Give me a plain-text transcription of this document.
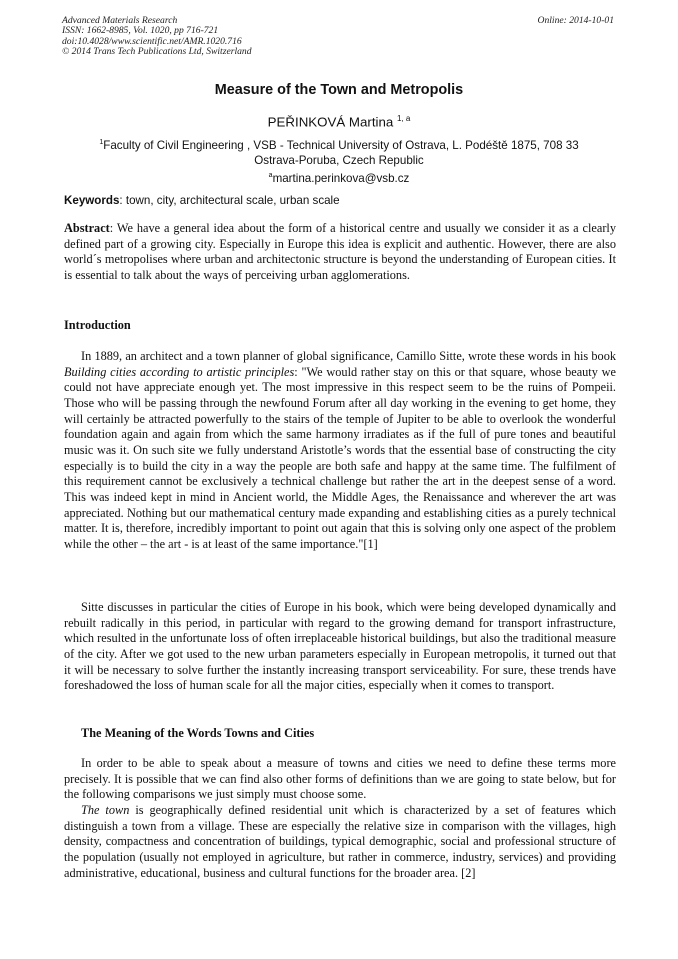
Advanced Materials Research
ISSN: 1662-8985, Vol. 1020, pp 716-721
doi:10.4028/www.scientific.net/AMR.1020.716
© 2014 Trans Tech Publications Ltd, Switzerland
Online: 2014-10-01
Measure of the Town and Metropolis
PEŘINKOVÁ Martina $^{1, a}$
$^1$Faculty of Civil Engineering , VSB - Technical University of Ostrava, L. Podéště 1875, 708 33
Ostrava-Poruba, Czech Republic
$^a$martina.perinkova@vsb.cz
Keywords: town, city, architectural scale, urban scale

Abstract: We have a general idea about the form of a historical centre and usually we consider it as a clearly defined part of a growing city. Especially in Europe this idea is explicit and authentic. However, there are also world´s metropolises where urban and architectonic structure is beyond the understanding of European cities. It is essential to talk about the ways of perceiving urban agglomerations.

Introduction

In 1889, an architect and a town planner of global significance, Camillo Sitte, wrote these words in his book Building cities according to artistic principles: "We would rather stay on this or that square, whose beauty we could not have appreciate enough yet. The most impressive in this respect seem to be the ruins of Pompeii. Those who will be passing through the newfound Forum after all day working in the evening to get home, they will certainly be attracted powerfully to the stairs of the temple of Jupiter to be able to overlook the wonderful foundation again and again from which the same harmony irradiates as if the full of pure tones and beautiful music was it. On such site we fully understand Aristotle’s words that the essential base of constructing the city especially is to build the city in a way the people are both safe and happy at the same time. The fulfilment of this requirement cannot be exclusively a technical challenge but rather the art in the deepest sense of a word. This was indeed kept in mind in Ancient world, the Middle Ages, the Renaissance and wherever the art was appreciated. Nothing but our mathematical century made expanding and establishing cities as a purely technical matter. It is, therefore, incredibly important to point out again that this is solving only one aspect of the problem while the other – the art - is at least of the same importance."[1]

Sitte discusses in particular the cities of Europe in his book, which were being developed dynamically and rebuilt radically in this period, in particular with regard to the growing demand for transport infrastructure, which resulted in the unfortunate loss of often irreplaceable historical buildings, but also the traditional measure of the city. After we got used to the new urban parameters especially in European metropolis, it turned out that it will be necessary to solve further the instantly increasing transport serviceability. For sure, these trends have foreshadowed the loss of human scale for all the major cities, especially when it comes to transport.

The Meaning of the Words Towns and Cities

In order to be able to speak about a measure of towns and cities we need to define these terms more precisely. It is possible that we can find also other forms of definitions than we are going to state below, but for the following comparisons we just simply must choose some.

The town is geographically defined residential unit which is characterized by a set of features which distinguish a town from a village. These are especially the relative size in comparison with the villages, high density, compactness and concentration of buildings, typical demographic, social and professional structure of the population (usually not employed in agriculture, but rather in commerce, industry, services) and providing administrative, educational, business and cultural functions for the broader area. [2]
